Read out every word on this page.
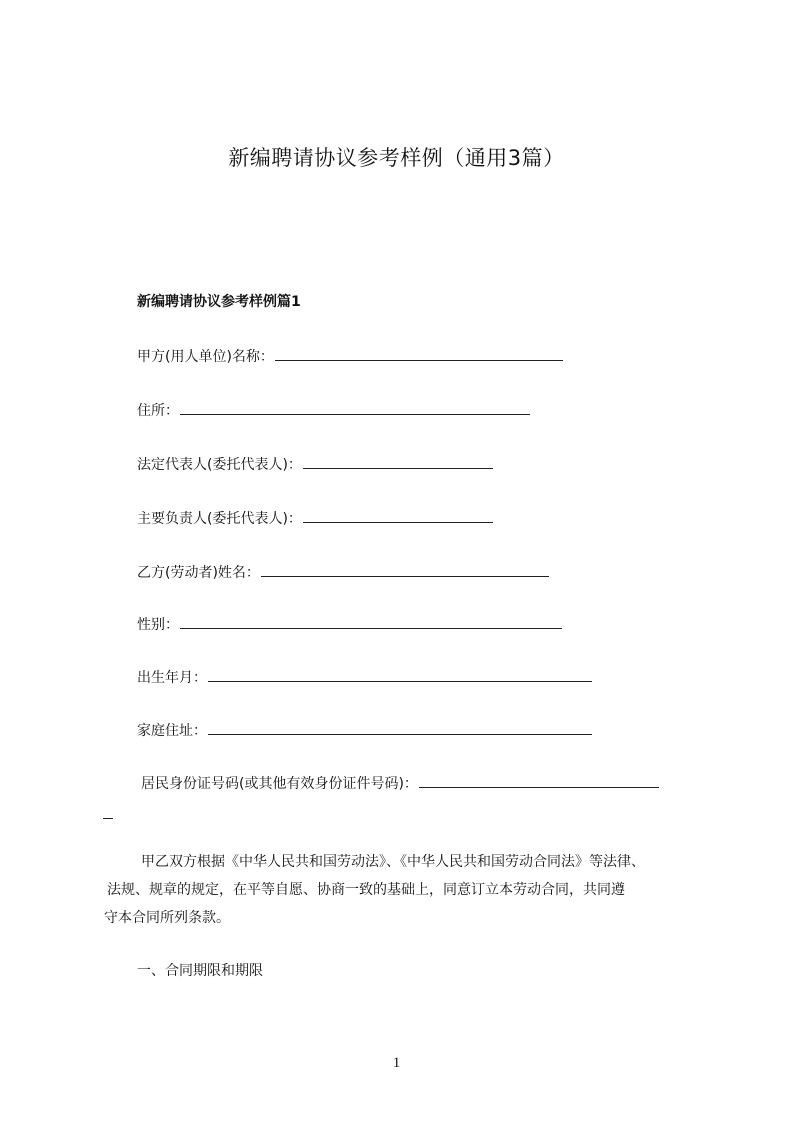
新编聘请协议参考样例（通用3篇）
新编聘请协议参考样例篇1
甲方(用人单位)名称：
住所：
法定代表人(委托代表人)：
主要负责人(委托代表人)：
乙方(劳动者)姓名：
性别：
出生年月：
家庭住址：
居民身份证号码(或其他有效身份证件号码)：
甲乙双方根据《中华人民共和国劳动法》、《中华人民共和国劳动合同法》等法律、
法规、规章的规定，在平等自愿、协商一致的基础上，同意订立本劳动合同，共同遵
守本合同所列条款。
一、合同期限和期限
1
